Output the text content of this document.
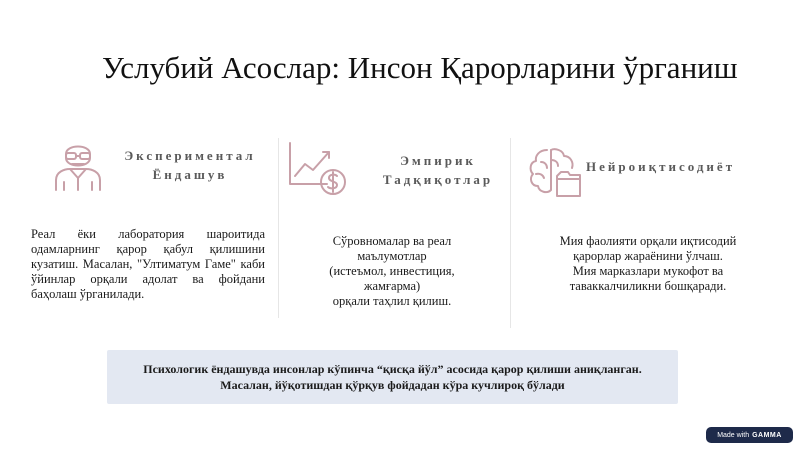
Услубий Асослар: Инсон Қарорларини ўрганиш
Экспериментал
Ёндашув

Реал ёки лаборатория шароитида одамларнинг қарор қабул қилишини кузатиш. Масалан, "Ултиматум Гаме" каби ўйинлар орқали адолат ва фойдани баҳолаш ўрганилади.

Эмпирик
Тадқиқотлар
Сўровномалар ва реал
маълумотлар
(истеъмол, инвестиция,
жамғарма)
орқали таҳлил қилиш.
Нейроиқтисодиёт
Мия фаолияти орқали иқтисодий
қарорлар жараёнини ўлчаш.
Мия марказлари мукофот ва
таваккалчиликни бошқаради.
Психологик ёндашувда инсонлар кўпинча “қисқа йўл” асосида қарор қилиши аниқланган.
Масалан, йўқотишдан қўрқув фойдадан кўра кучлироқ бўлади
Made with GAMMA
